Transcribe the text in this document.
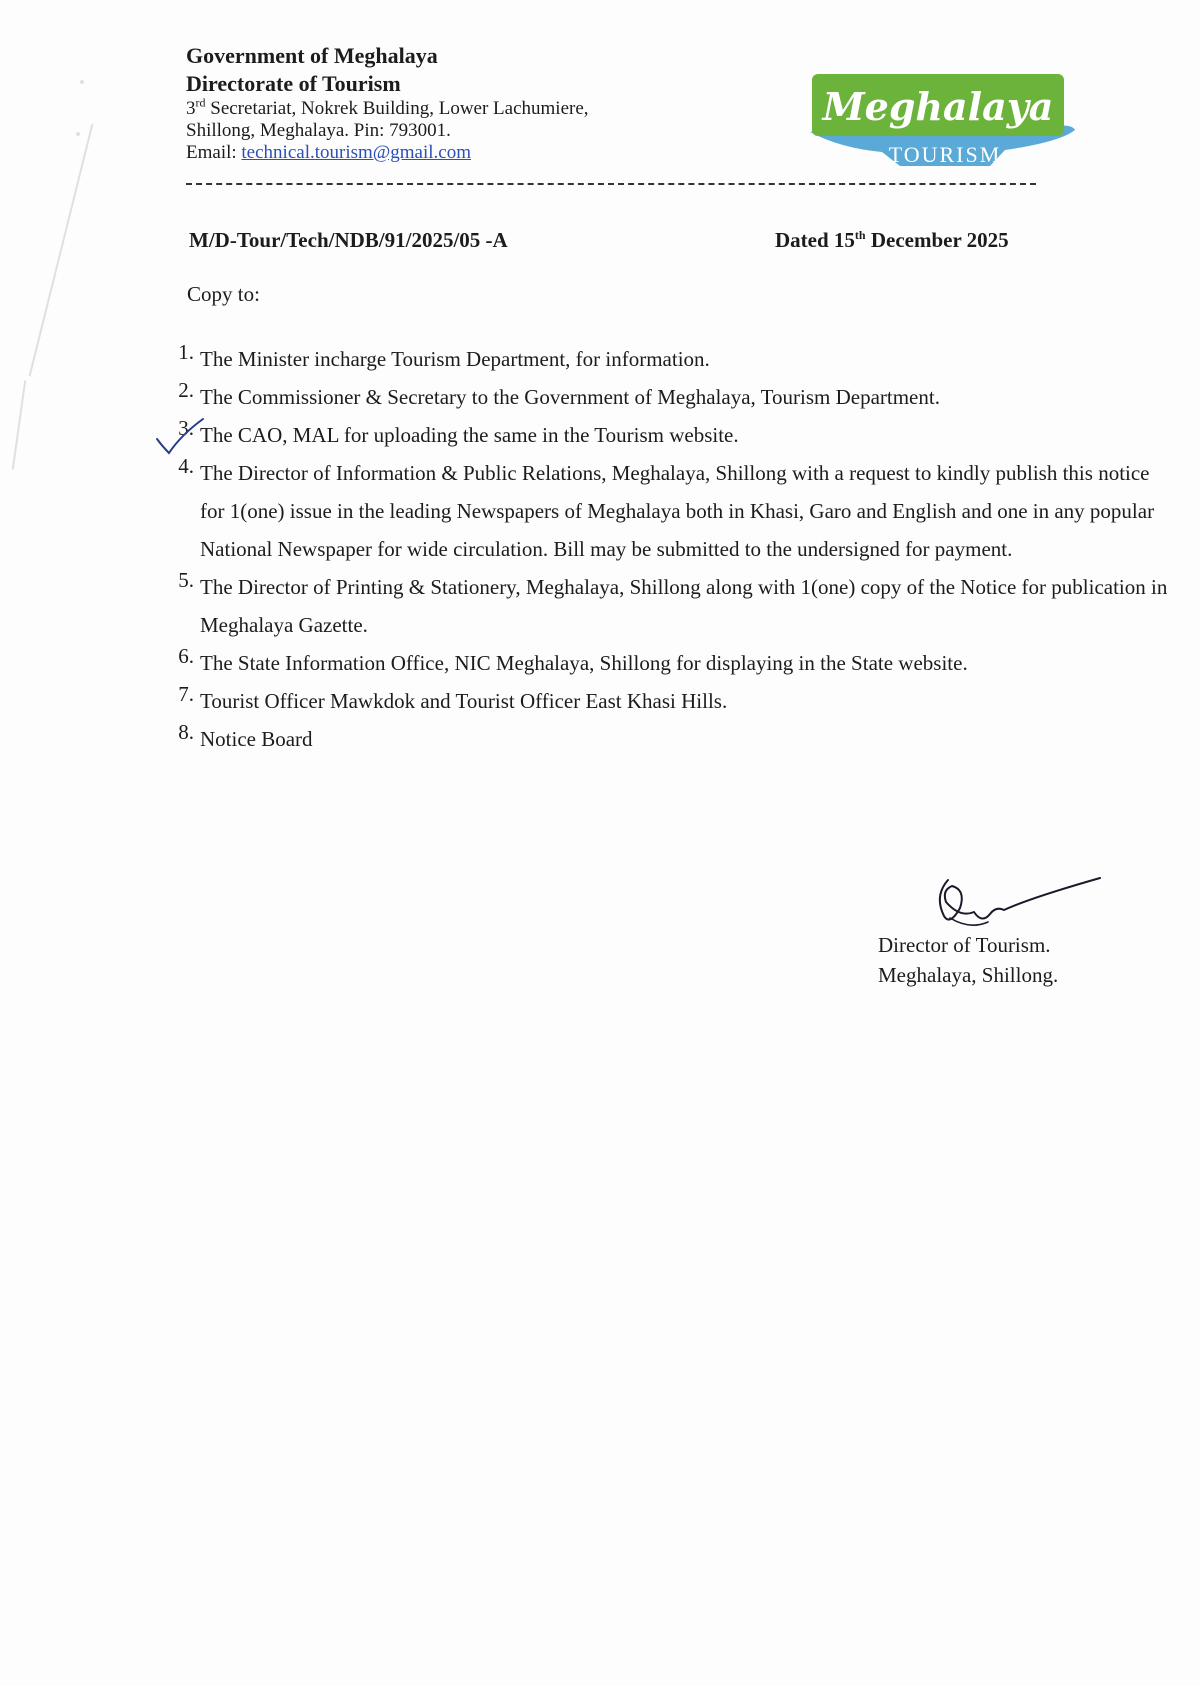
Government of Meghalaya
Directorate of Tourism
3rd Secretariat, Nokrek Building, Lower Lachumiere,
Shillong, Meghalaya. Pin: 793001.
Email: technical.tourism@gmail.com
Meghalaya
TOURISM
M/D-Tour/Tech/NDB/91/2025/05 -A	Dated 15th December 2025
Copy to:
1. The Minister incharge Tourism Department, for information.
2. The Commissioner & Secretary to the Government of Meghalaya, Tourism Department.
3. The CAO, MAL for uploading the same in the Tourism website.
4. The Director of Information & Public Relations, Meghalaya, Shillong with a request to kindly publish this notice for 1(one) issue in the leading Newspapers of Meghalaya both in Khasi, Garo and English and one in any popular National Newspaper for wide circulation. Bill may be submitted to the undersigned for payment.
5. The Director of Printing & Stationery, Meghalaya, Shillong along with 1(one) copy of the Notice for publication in Meghalaya Gazette.
6. The State Information Office, NIC Meghalaya, Shillong for displaying in the State website.
7. Tourist Officer Mawkdok and Tourist Officer East Khasi Hills.
8. Notice Board
Director of Tourism.
Meghalaya, Shillong.
